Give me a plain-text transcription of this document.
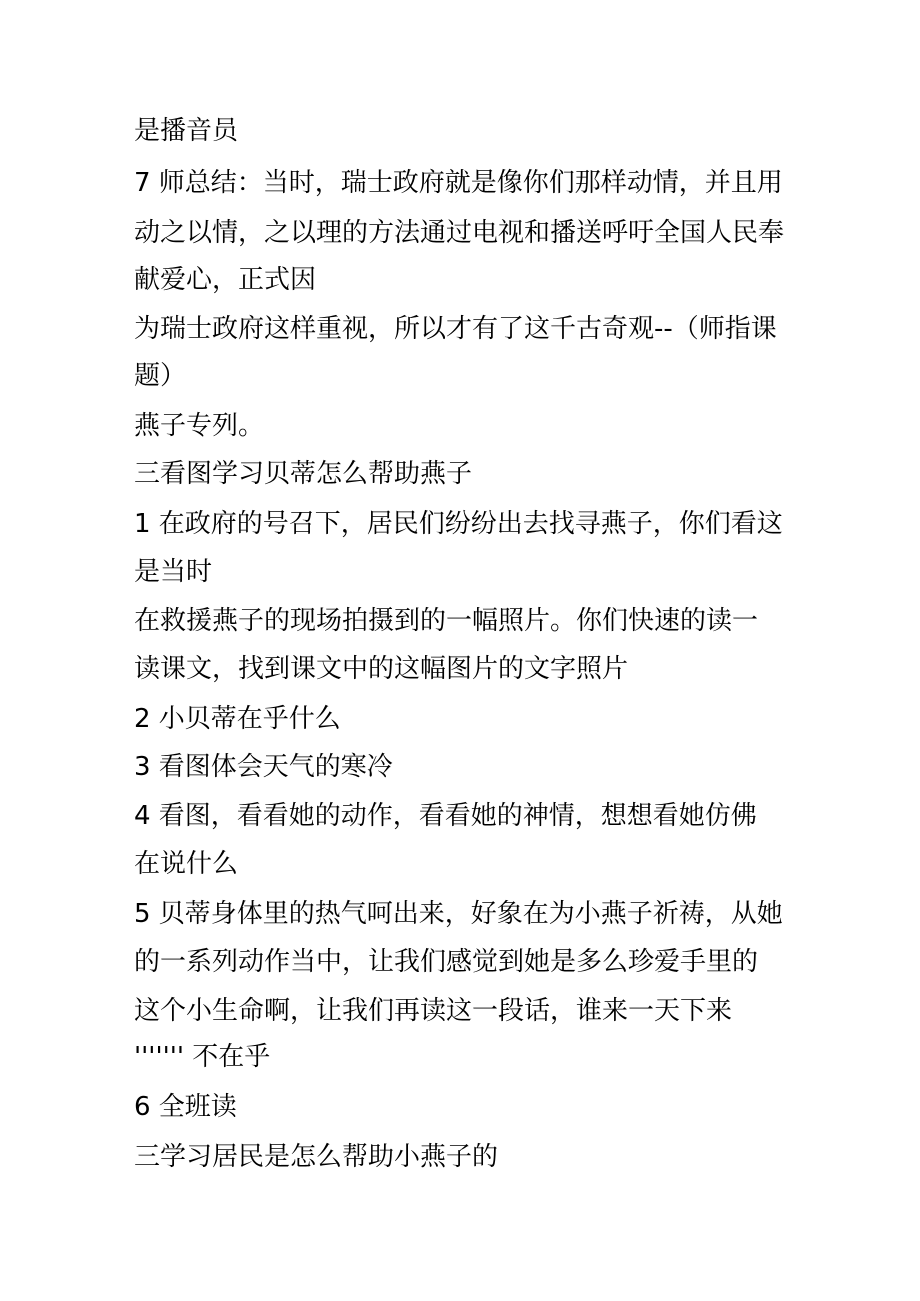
是播音员

7 师总结：当时，瑞士政府就是像你们那样动情，并且用

动之以情，之以理的方法通过电视和播送呼吁全国人民奉

献爱心，正式因

为瑞士政府这样重视，所以才有了这千古奇观--（师指课

题）

燕子专列。

三看图学习贝蒂怎么帮助燕子

1 在政府的号召下，居民们纷纷出去找寻燕子，你们看这

是当时

在救援燕子的现场拍摄到的一幅照片。你们快速的读一

读课文，找到课文中的这幅图片的文字照片

2 小贝蒂在乎什么

3 看图体会天气的寒冷

4 看图，看看她的动作，看看她的神情，想想看她仿佛

在说什么

5 贝蒂身体里的热气呵出来，好象在为小燕子祈祷，从她

的一系列动作当中，让我们感觉到她是多么珍爱手里的

这个小生命啊，让我们再读这一段话，谁来一天下来

''''''' 不在乎

6 全班读

三学习居民是怎么帮助小燕子的
